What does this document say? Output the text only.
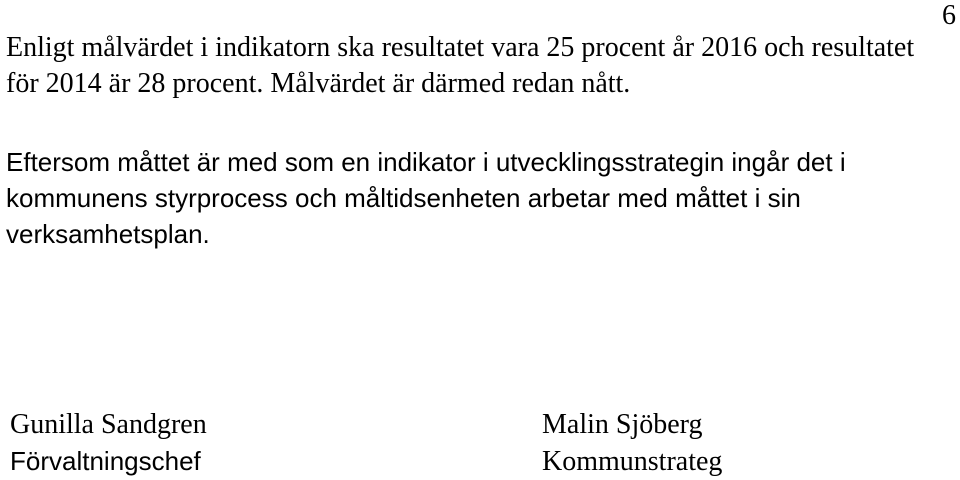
6

Enligt målvärdet i indikatorn ska resultatet vara 25 procent år 2016 och resultatet för 2014 är 28 procent. Målvärdet är därmed redan nått.

Eftersom måttet är med som en indikator i utvecklingsstrategin ingår det i kommunens styrprocess och måltidsenheten arbetar med måttet i sin verksamhetsplan.

Gunilla Sandgren
Förvaltningschef
Malin Sjöberg
Kommunstrateg
